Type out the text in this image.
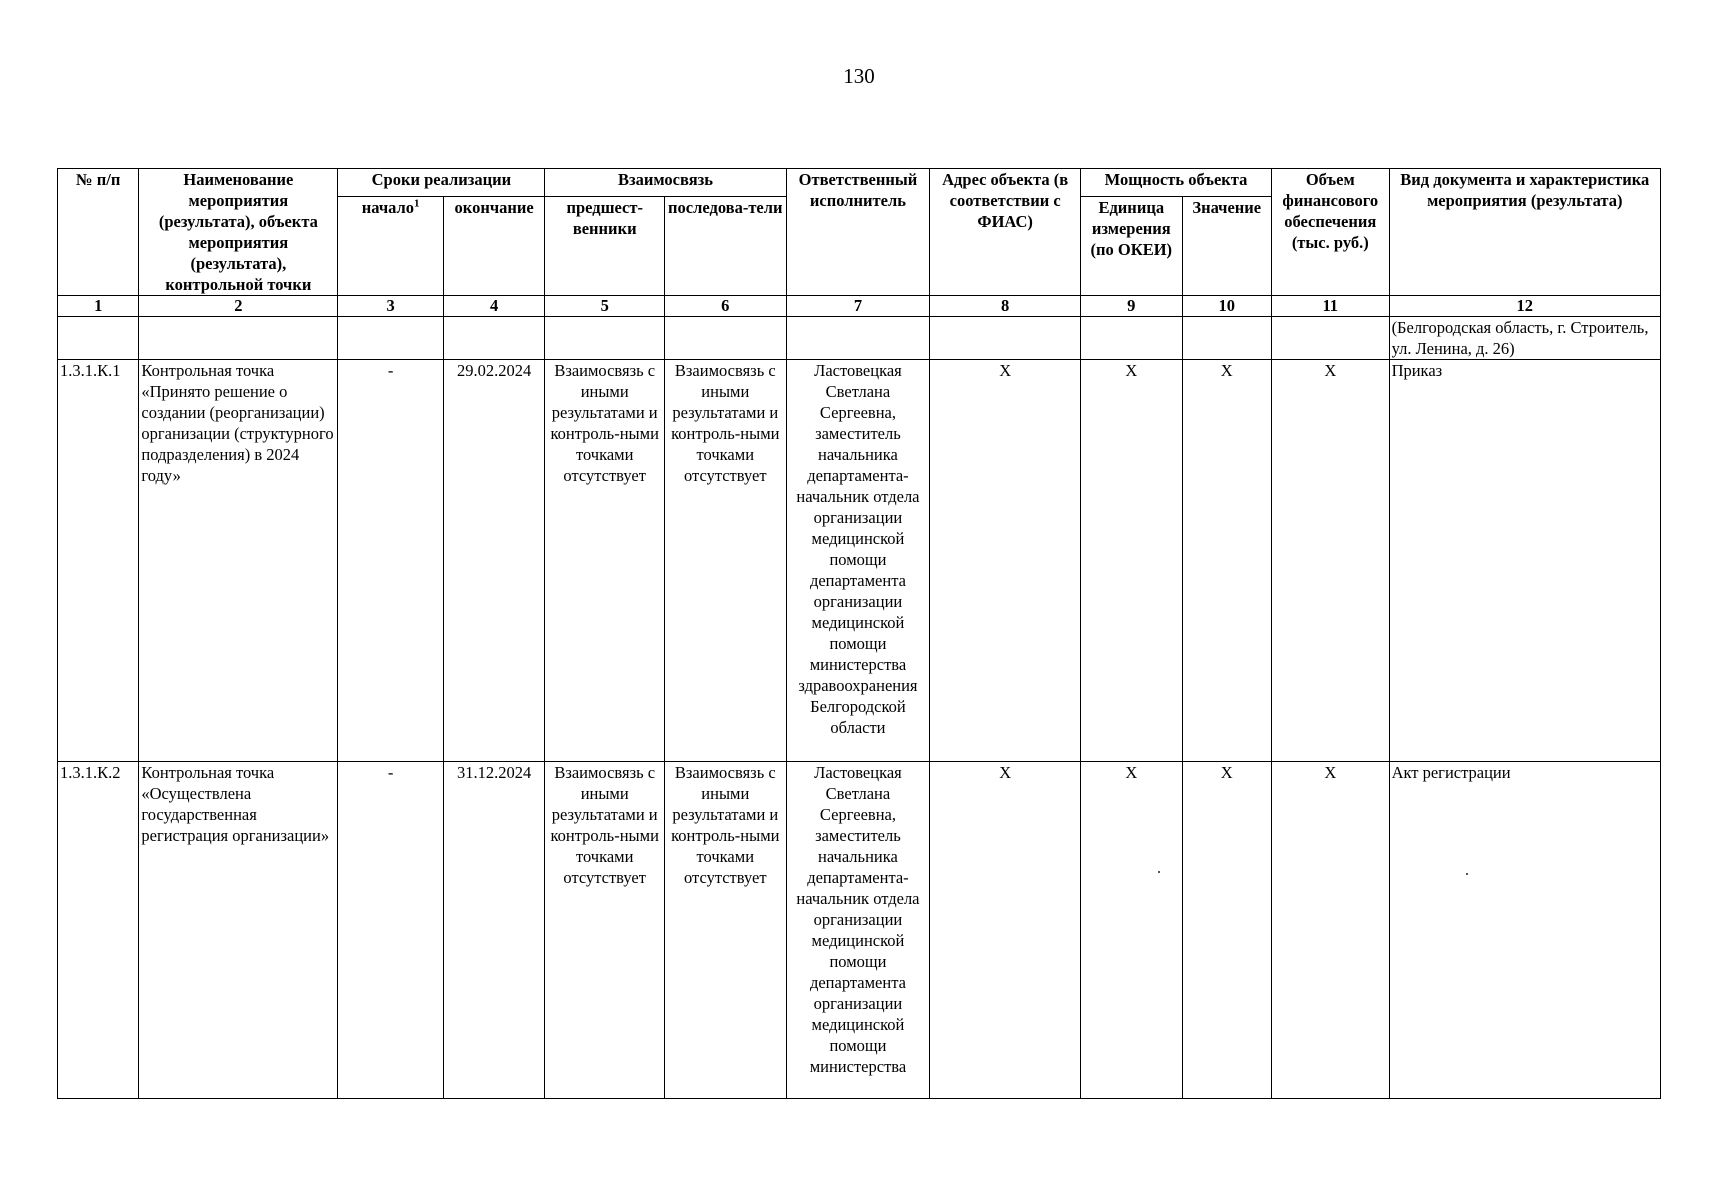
130
№ п/п	Наименование мероприятия (результата), объекта мероприятия (результата), контрольной точки	Сроки реализации		Взаимосвязь		Ответственный исполнитель	Адрес объекта (в соответствии с ФИАС)	Мощность объекта		Объем финансового обеспечения (тыс. руб.)	Вид документа и характеристика мероприятия (результата)
		начало$^1$	окончание	предшест-венники	последова-тели			Единица измерения (по ОКЕИ)	Значение		
1	2	3	4	5	6	7	8	9	10	11	12
											(Белгородская область, г. Строитель, ул. Ленина, д. 26)
1.3.1.К.1	Контрольная точка «Принято решение о создании (реорганизации) организации (структурного подразделения) в 2024 году»	-	29.02.2024	Взаимосвязь с иными результатами и контроль-ными точками отсутствует	Взаимосвязь с иными результатами и контроль-ными точками отсутствует	Ластовецкая Светлана Сергеевна, заместитель начальника департамента-начальник отдела организации медицинской помощи департамента организации медицинской помощи министерства здравоохранения Белгородской области	Х	Х	Х	Х	Приказ
1.3.1.К.2	Контрольная точка «Осуществлена государственная регистрация организации»	-	31.12.2024	Взаимосвязь с иными результатами и контроль-ными точками отсутствует	Взаимосвязь с иными результатами и контроль-ными точками отсутствует	Ластовецкая Светлана Сергеевна, заместитель начальника департамента-начальник отдела организации медицинской помощи департамента организации медицинской помощи министерства	Х	Х	Х	Х	Акт регистрации
